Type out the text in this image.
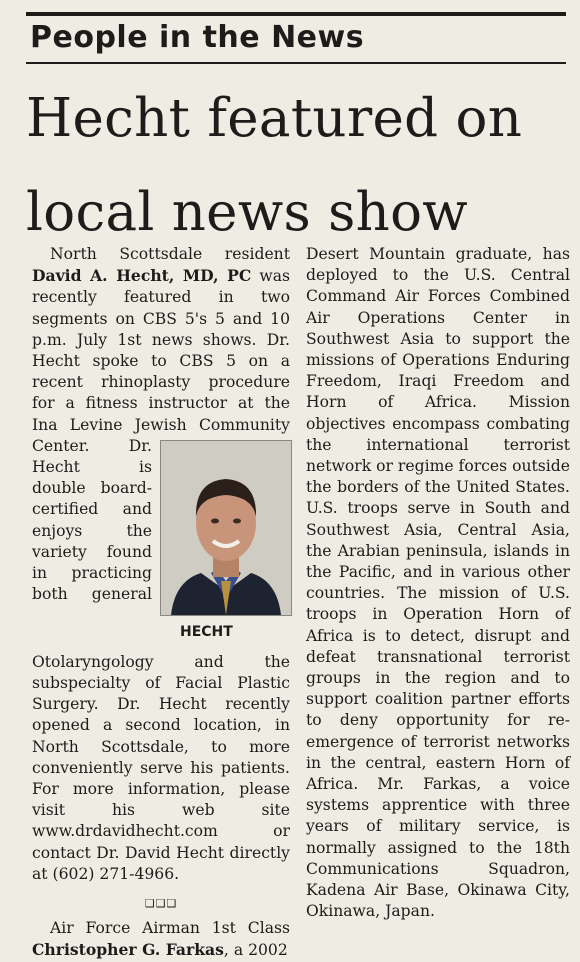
People in the News
Hecht featured on local news show

North Scottsdale resident David A. Hecht, MD, PC was recently featured in two segments on CBS 5's 5 and 10 p.m. July 1st news shows. Dr. Hecht spoke to CBS 5 on a recent rhinoplasty procedure for a fitness instructor at the Ina Levine Jewish Community Center.
HECHT
Dr. Hecht is double board-certified and enjoys the variety found in practicing both general Otolaryngology and the subspecialty of Facial Plastic Surgery. Dr. Hecht recently opened a second location, in North Scottsdale, to more conveniently serve his patients. For more information, please visit his web site www.drdavidhecht.com or contact Dr. David Hecht directly at (602) 271-4966.

❑❑❑

Air Force Airman 1st Class Christopher G. Farkas, a 2002

Desert Mountain graduate, has deployed to the U.S. Central Command Air Forces Combined Air Operations Center in Southwest Asia to support the missions of Operations Enduring Freedom, Iraqi Freedom and Horn of Africa. Mission objectives encompass combating the international terrorist network or regime forces outside the borders of the United States. U.S. troops serve in South and Southwest Asia, Central Asia, the Arabian peninsula, islands in the Pacific, and in various other countries. The mission of U.S. troops in Operation Horn of Africa is to detect, disrupt and defeat transnational terrorist groups in the region and to support coalition partner efforts to deny opportunity for re-emergence of terrorist networks in the central, eastern Horn of Africa. Mr. Farkas, a voice systems apprentice with three years of military service, is normally assigned to the 18th Communications Squadron, Kadena Air Base, Okinawa City, Okinawa, Japan.
